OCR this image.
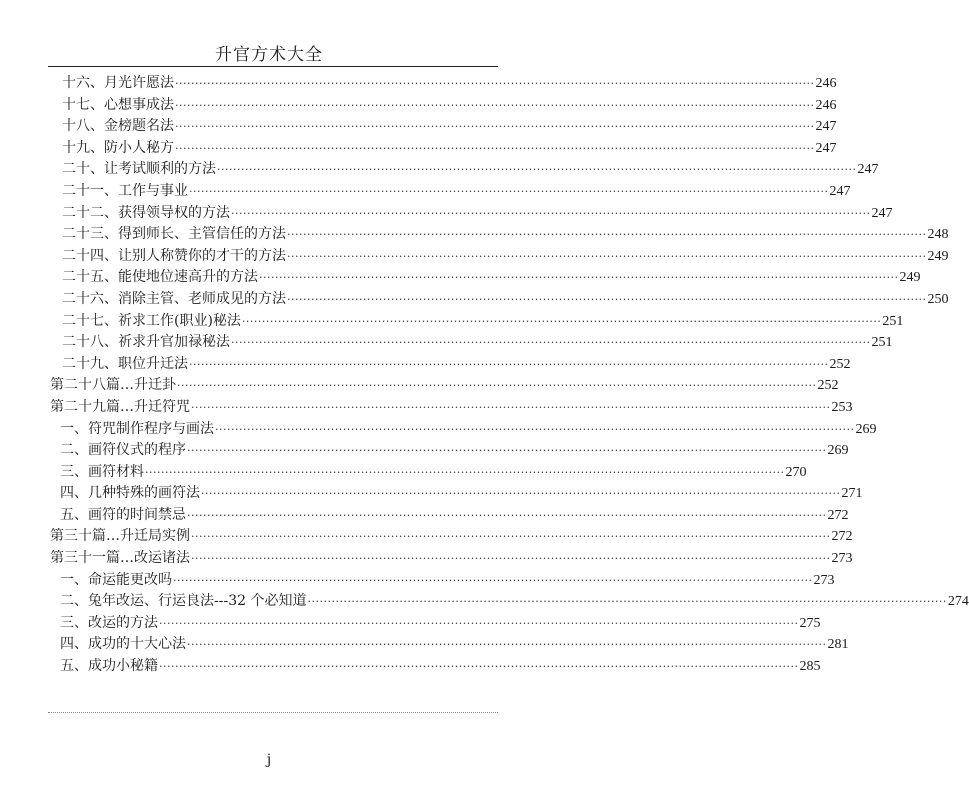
升官方术大全
十六、月光许愿法 ································································································································································ 246
十七、心想事成法 ································································································································································ 246
十八、金榜题名法 ································································································································································ 247
十九、防小人秘方 ································································································································································ 247
二十、让考试顺利的方法 ································································································································································ 247
二十一、工作与事业 ································································································································································ 247
二十二、获得领导权的方法 ································································································································································ 247
二十三、得到师长、主管信任的方法 ································································································································································ 248
二十四、让别人称赞你的才干的方法 ································································································································································ 249
二十五、能使地位速高升的方法 ································································································································································ 249
二十六、消除主管、老师成见的方法 ································································································································································ 250
二十七、祈求工作(职业)秘法 ································································································································································ 251
二十八、祈求升官加禄秘法 ································································································································································ 251
二十九、职位升迁法 ································································································································································ 252
第二十八篇…升迁卦 ································································································································································ 252
第二十九篇…升迁符咒 ································································································································································ 253
一、符咒制作程序与画法 ································································································································································ 269
二、画符仪式的程序 ································································································································································ 269
三、画符材料 ································································································································································ 270
四、几种特殊的画符法 ································································································································································ 271
五、画符的时间禁忌 ································································································································································ 272
第三十篇…升迁局实例 ································································································································································ 272
第三十一篇…改运诸法 ································································································································································ 273
一、命运能更改吗 ································································································································································ 273
二、兔年改运、行运良法---32 个必知道 ································································································································································ 274
三、改运的方法 ································································································································································ 275
四、成功的十大心法 ································································································································································ 281
五、成功小秘籍 ································································································································································ 285
j
